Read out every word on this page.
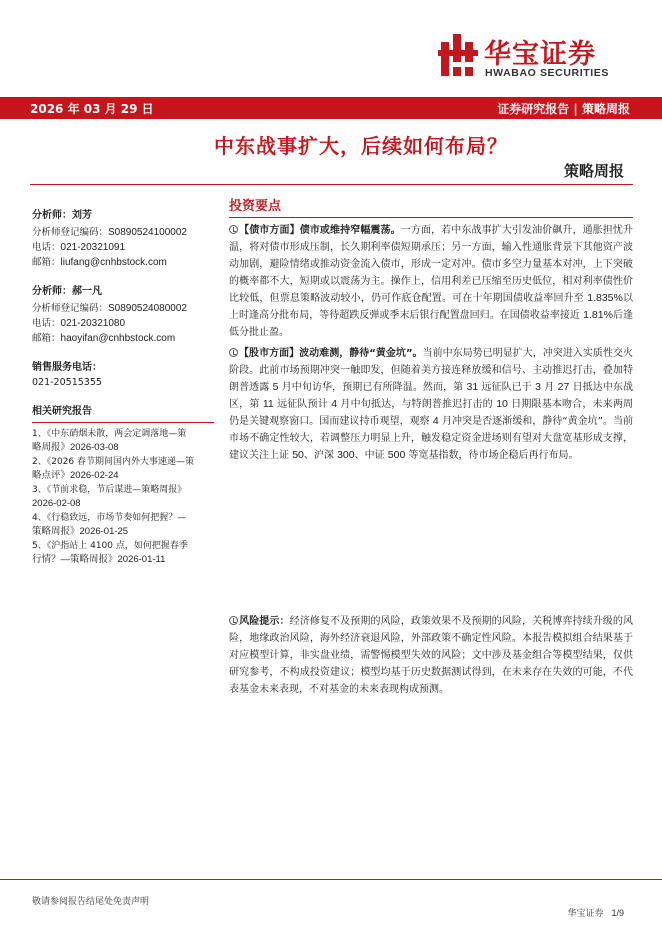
华宝证券
HWABAO SECURITIES
2026 年 03 月 29 日	证券研究报告 | 策略周报
中东战事扩大，后续如何布局？
策略周报
分析师：刘芳
分析师登记编码：S0890524100002
电话：021-20321091
邮箱：liufang@cnhbstock.com
分析师：郝一凡
分析师登记编码：S0890524080002
电话：021-20321080
邮箱：haoyifan@cnhbstock.com
销售服务电话：
021-20515355
相关研究报告
1、《中东硝烟未散，两会定调落地—策
略周报》2026-03-08
2、《2026 春节期间国内外大事速递—策
略点评》2026-02-24
3、《节前求稳，节后谋进—策略周报》
2026-02-08
4、《行稳致远，市场节奏如何把握？—
策略周报》2026-01-25
5、《沪指站上 4100 点，如何把握春季
行情？—策略周报》2026-01-11
投资要点

【债市方面】债市或维持窄幅震荡。一方面，若中东战事扩大引发油价飙升，通胀担忧升温，将对债市形成压制，长久期利率债短期承压；另一方面，输入性通胀背景下其他资产波动加剧，避险情绪或推动资金流入债市，形成一定对冲。债市多空力量基本对冲，上下突破的概率都不大，短期或以震荡为主。操作上，信用利差已压缩至历史低位，相对利率债性价比较低，但票息策略波动较小，仍可作底仓配置。可在十年期国债收益率回升至 1.835%以上时逢高分批布局，等待超跌反弹或季末后银行配置盘回归。在国债收益率接近 1.81%后逢低分批止盈。

【股市方面】波动难测，静待“黄金坑”。当前中东局势已明显扩大，冲突进入实质性交火阶段。此前市场预期冲突一触即发，但随着美方接连释放缓和信号、主动推迟打击，叠加特朗普透露 5 月中旬访华，预期已有所降温。然而，第 31 远征队已于 3 月 27 日抵达中东战区，第 11 远征队预计 4 月中旬抵达，与特朗普推迟打击的 10 日期限基本吻合，未来两周仍是关键观察窗口。国而建议持币观望，观察 4 月冲突是否逐渐缓和，静待“黄金坑”。当前市场不确定性较大，若调整压力明显上升，触发稳定资金进场则有望对大盘宽基形成支撑，建议关注上证 50、沪深 300、中证 500 等宽基指数，待市场企稳后再行布局。

风险提示：经济修复不及预期的风险，政策效果不及预期的风险，关税博弈持续升级的风险，地缘政治风险，海外经济衰退风险，外部政策不确定性风险。本报告模拟组合结果基于对应模型计算，非实盘业绩，需警惕模型失效的风险；文中涉及基金组合等模型结果，仅供研究参考，不构成投资建议；模型均基于历史数据测试得到，在未来存在失效的可能，不代表基金未来表现，不对基金的未来表现构成预测。

敬请参阅报告结尾处免责声明
华宝证券 1/9
